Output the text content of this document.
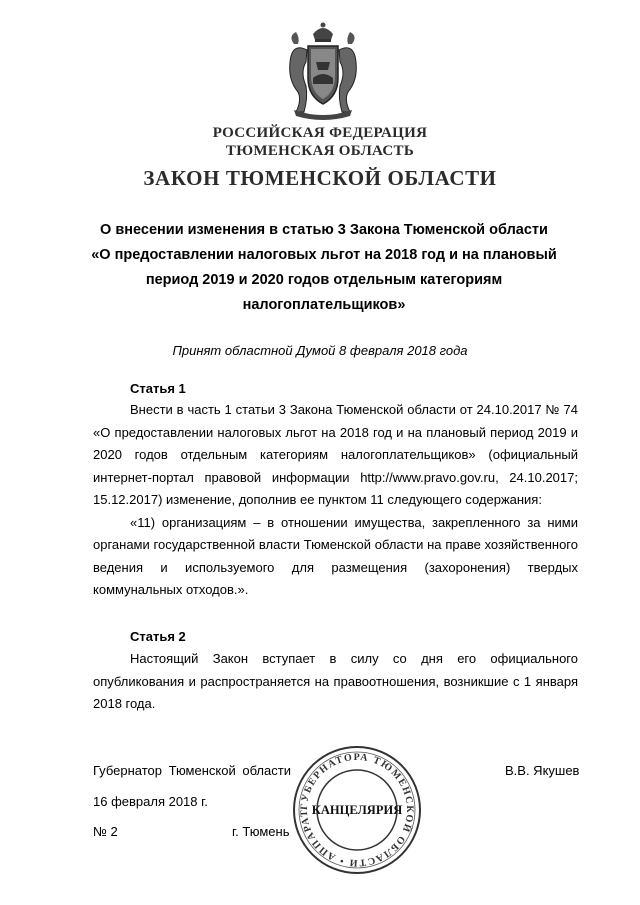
РОССИЙСКАЯ ФЕДЕРАЦИЯ
ТЮМЕНСКАЯ ОБЛАСТЬ
ЗАКОН ТЮМЕНСКОЙ ОБЛАСТИ
О внесении изменения в статью 3 Закона Тюменской области
«О предоставлении налоговых льгот на 2018 год и на плановый
период 2019 и 2020 годов отдельным категориям
налогоплательщиков»
Принят областной Думой 8 февраля 2018 года
Статья 1

Внести в часть 1 статьи 3 Закона Тюменской области от 24.10.2017 № 74 «О предоставлении налоговых льгот на 2018 год и на плановый период 2019 и 2020 годов отдельным категориям налогоплательщиков» (официальный интернет-портал правовой информации http://www.pravo.gov.ru, 24.10.2017; 15.12.2017) изменение, дополнив ее пунктом 11 следующего содержания:

«11) организациям – в отношении имущества, закрепленного за ними органами государственной власти Тюменской области на праве хозяйственного ведения и используемого для размещения (захоронения) твердых коммунальных отходов.».

Статья 2

Настоящий Закон вступает в силу со дня его официального опубликования и распространяется на правоотношения, возникшие с 1 января 2018 года.

Губернатор Тюменской области	В.В. Якушев
16 февраля 2018 г.
№ 2	г. Тюмень
ГУБЕРНАТОРА ТЮМЕНСКОЙ ОБЛАСТИ • АППАРАТ КАНЦЕЛЯРИЯ
